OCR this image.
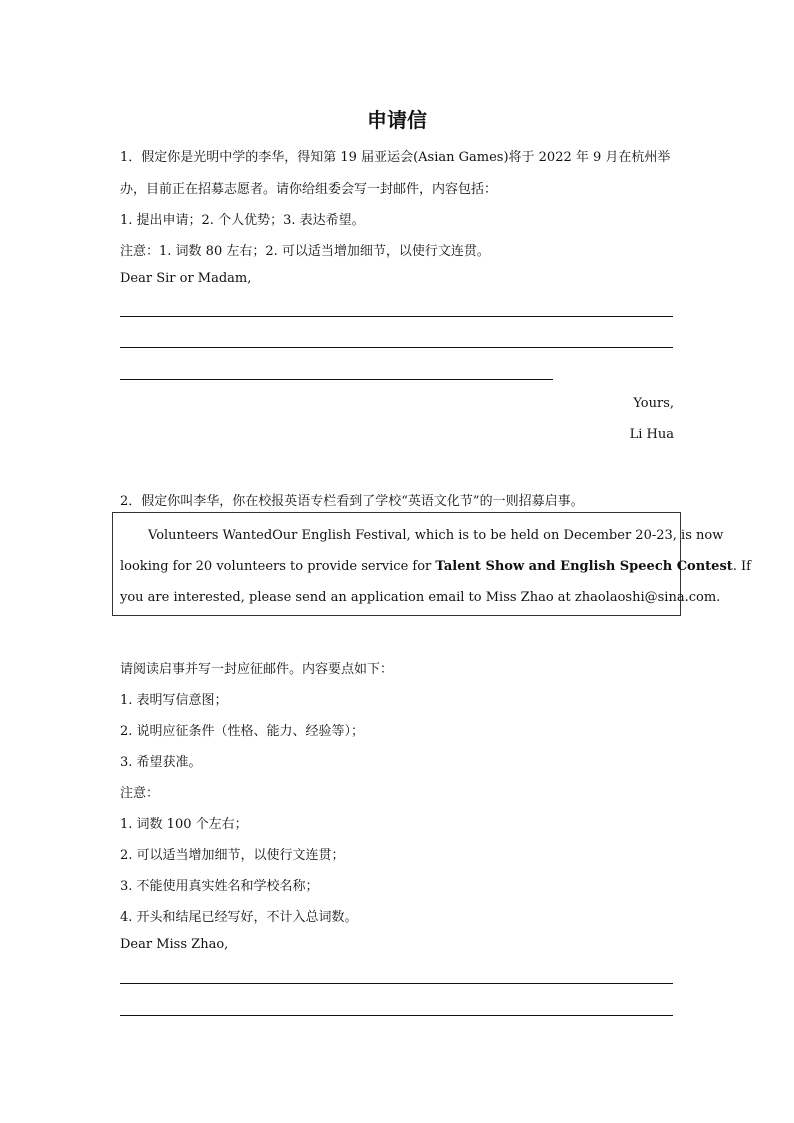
申请信
1．假定你是光明中学的李华，得知第 19 届亚运会(Asian Games)将于 2022 年 9 月在杭州举
办，目前正在招募志愿者。请你给组委会写一封邮件，内容包括：
1. 提出申请；2. 个人优势；3. 表达希望。
注意：1. 词数 80 左右；2. 可以适当增加细节，以使行文连贯。
Dear Sir or Madam,
Yours,
Li Hua
2．假定你叫李华，你在校报英语专栏看到了学校“英语文化节”的一则招募启事。
Volunteers WantedOur English Festival, which is to be held on December 20-23, is now
looking for 20 volunteers to provide service for Talent Show and English Speech Contest. If
you are interested, please send an application email to Miss Zhao at zhaolaoshi@sina.com.
请阅读启事并写一封应征邮件。内容要点如下：
1. 表明写信意图；
2. 说明应征条件（性格、能力、经验等）；
3. 希望获准。
注意：
1. 词数 100 个左右；
2. 可以适当增加细节，以使行文连贯；
3. 不能使用真实姓名和学校名称；
4. 开头和结尾已经写好，不计入总词数。
Dear Miss Zhao,
